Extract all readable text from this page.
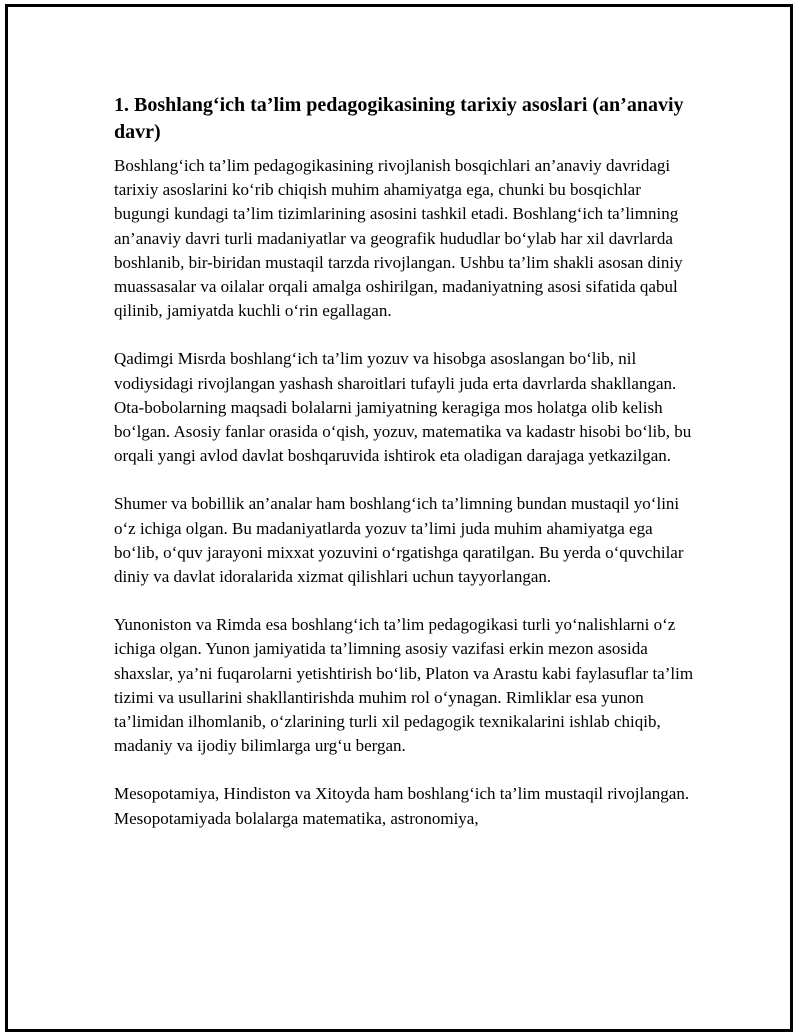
1. Boshlang‘ich ta’lim pedagogikasining tarixiy asoslari (an’anaviy davr)

Boshlang‘ich ta’lim pedagogikasining rivojlanish bosqichlari an’anaviy davridagi tarixiy asoslarini ko‘rib chiqish muhim ahamiyatga ega, chunki bu bosqichlar bugungi kundagi ta’lim tizimlarining asosini tashkil etadi. Boshlang‘ich ta’limning an’anaviy davri turli madaniyatlar va geografik hududlar bo‘ylab har xil davrlarda boshlanib, bir-biridan mustaqil tarzda rivojlangan. Ushbu ta’lim shakli asosan diniy muassasalar va oilalar orqali amalga oshirilgan, madaniyatning asosi sifatida qabul qilinib, jamiyatda kuchli o‘rin egallagan.

Qadimgi Misrda boshlang‘ich ta’lim yozuv va hisobga asoslangan bo‘lib, nil vodiysidagi rivojlangan yashash sharoitlari tufayli juda erta davrlarda shakllangan. Ota-bobolarning maqsadi bolalarni jamiyatning keragiga mos holatga olib kelish bo‘lgan. Asosiy fanlar orasida o‘qish, yozuv, matematika va kadastr hisobi bo‘lib, bu orqali yangi avlod davlat boshqaruvida ishtirok eta oladigan darajaga yetkazilgan.

Shumer va bobillik an’analar ham boshlang‘ich ta’limning bundan mustaqil yo‘lini o‘z ichiga olgan. Bu madaniyatlarda yozuv ta’limi juda muhim ahamiyatga ega bo‘lib, o‘quv jarayoni mixxat yozuvini o‘rgatishga qaratilgan. Bu yerda o‘quvchilar diniy va davlat idoralarida xizmat qilishlari uchun tayyorlangan.

Yunoniston va Rimda esa boshlang‘ich ta’lim pedagogikasi turli yo‘nalishlarni o‘z ichiga olgan. Yunon jamiyatida ta’limning asosiy vazifasi erkin mezon asosida shaxslar, ya’ni fuqarolarni yetishtirish bo‘lib, Platon va Arastu kabi faylasuflar ta’lim tizimi va usullarini shakllantirishda muhim rol o‘ynagan. Rimliklar esa yunon ta’limidan ilhomlanib, o‘zlarining turli xil pedagogik texnikalarini ishlab chiqib, madaniy va ijodiy bilimlarga urg‘u bergan.

Mesopotamiya, Hindiston va Xitoyda ham boshlang‘ich ta’lim mustaqil rivojlangan. Mesopotamiyada bolalarga matematika, astronomiya,
